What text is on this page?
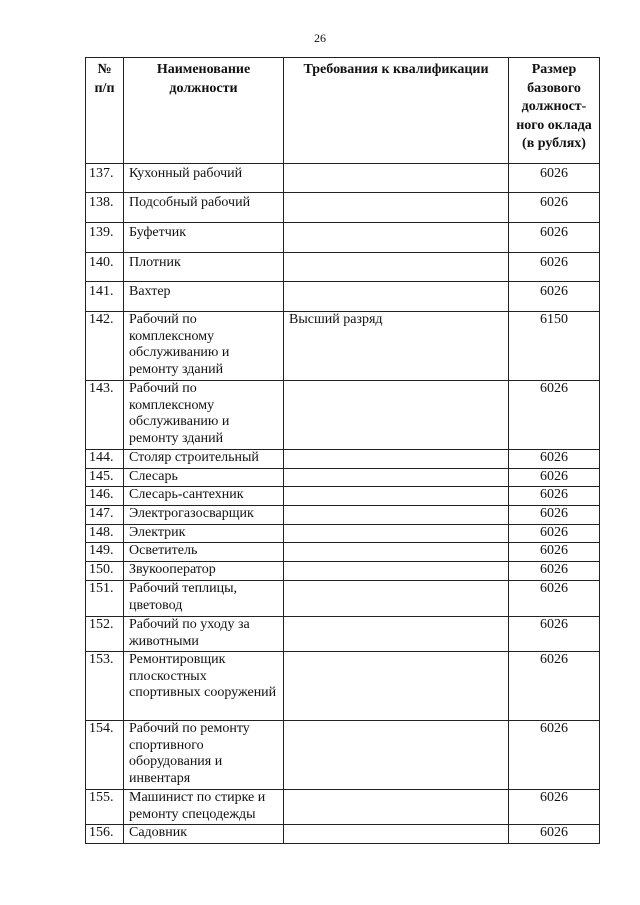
26
№ п/п	Наименование должности	Требования к квалификации	Размер базового должност-ного оклада (в рублях)
137.	Кухонный рабочий		6026
138.	Подсобный рабочий		6026
139.	Буфетчик		6026
140.	Плотник		6026
141.	Вахтер		6026
142.	Рабочий по комплексному обслуживанию и ремонту зданий	Высший разряд	6150
143.	Рабочий по комплексному обслуживанию и ремонту зданий		6026
144.	Столяр строительный		6026
145.	Слесарь		6026
146.	Слесарь-сантехник		6026
147.	Электрогазосварщик		6026
148.	Электрик		6026
149.	Осветитель		6026
150.	Звукооператор		6026
151.	Рабочий теплицы, цветовод		6026
152.	Рабочий по уходу за животными		6026
153.	Ремонтировщик плоскостных спортивных сооружений		6026
154.	Рабочий по ремонту спортивного оборудования и инвентаря		6026
155.	Машинист по стирке и ремонту спецодежды		6026
156.	Садовник		6026
